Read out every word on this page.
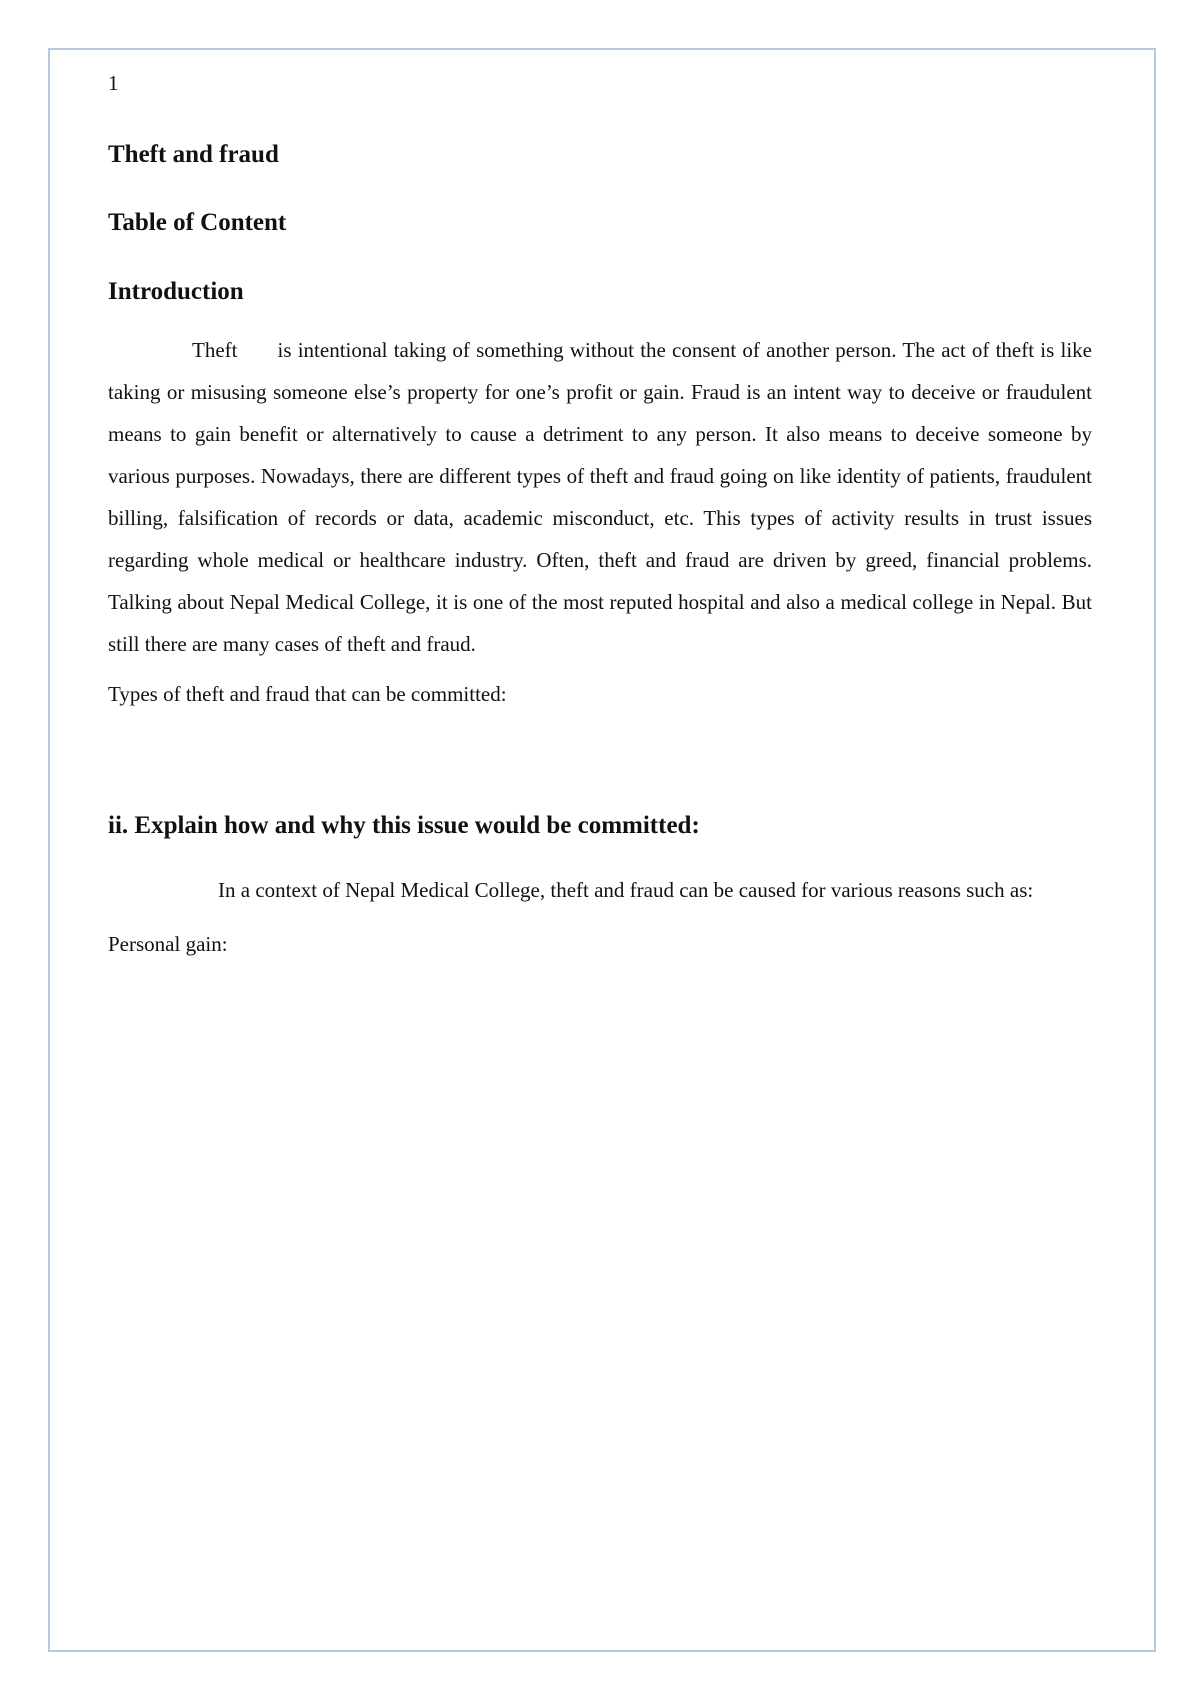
1

Theft and fraud

Table of Content

Introduction

Theft is intentional taking of something without the consent of another person. The act of theft is like taking or misusing someone else’s property for one’s profit or gain. Fraud is an intent way to deceive or fraudulent means to gain benefit or alternatively to cause a detriment to any person. It also means to deceive someone by various purposes. Nowadays, there are different types of theft and fraud going on like identity of patients, fraudulent billing, falsification of records or data, academic misconduct, etc. This types of activity results in trust issues regarding whole medical or healthcare industry. Often, theft and fraud are driven by greed, financial problems. Talking about Nepal Medical College, it is one of the most reputed hospital and also a medical college in Nepal. But still there are many cases of theft and fraud.

Types of theft and fraud that can be committed:

ii. Explain how and why this issue would be committed:

In a context of Nepal Medical College, theft and fraud can be caused for various reasons such as:

Personal gain:
